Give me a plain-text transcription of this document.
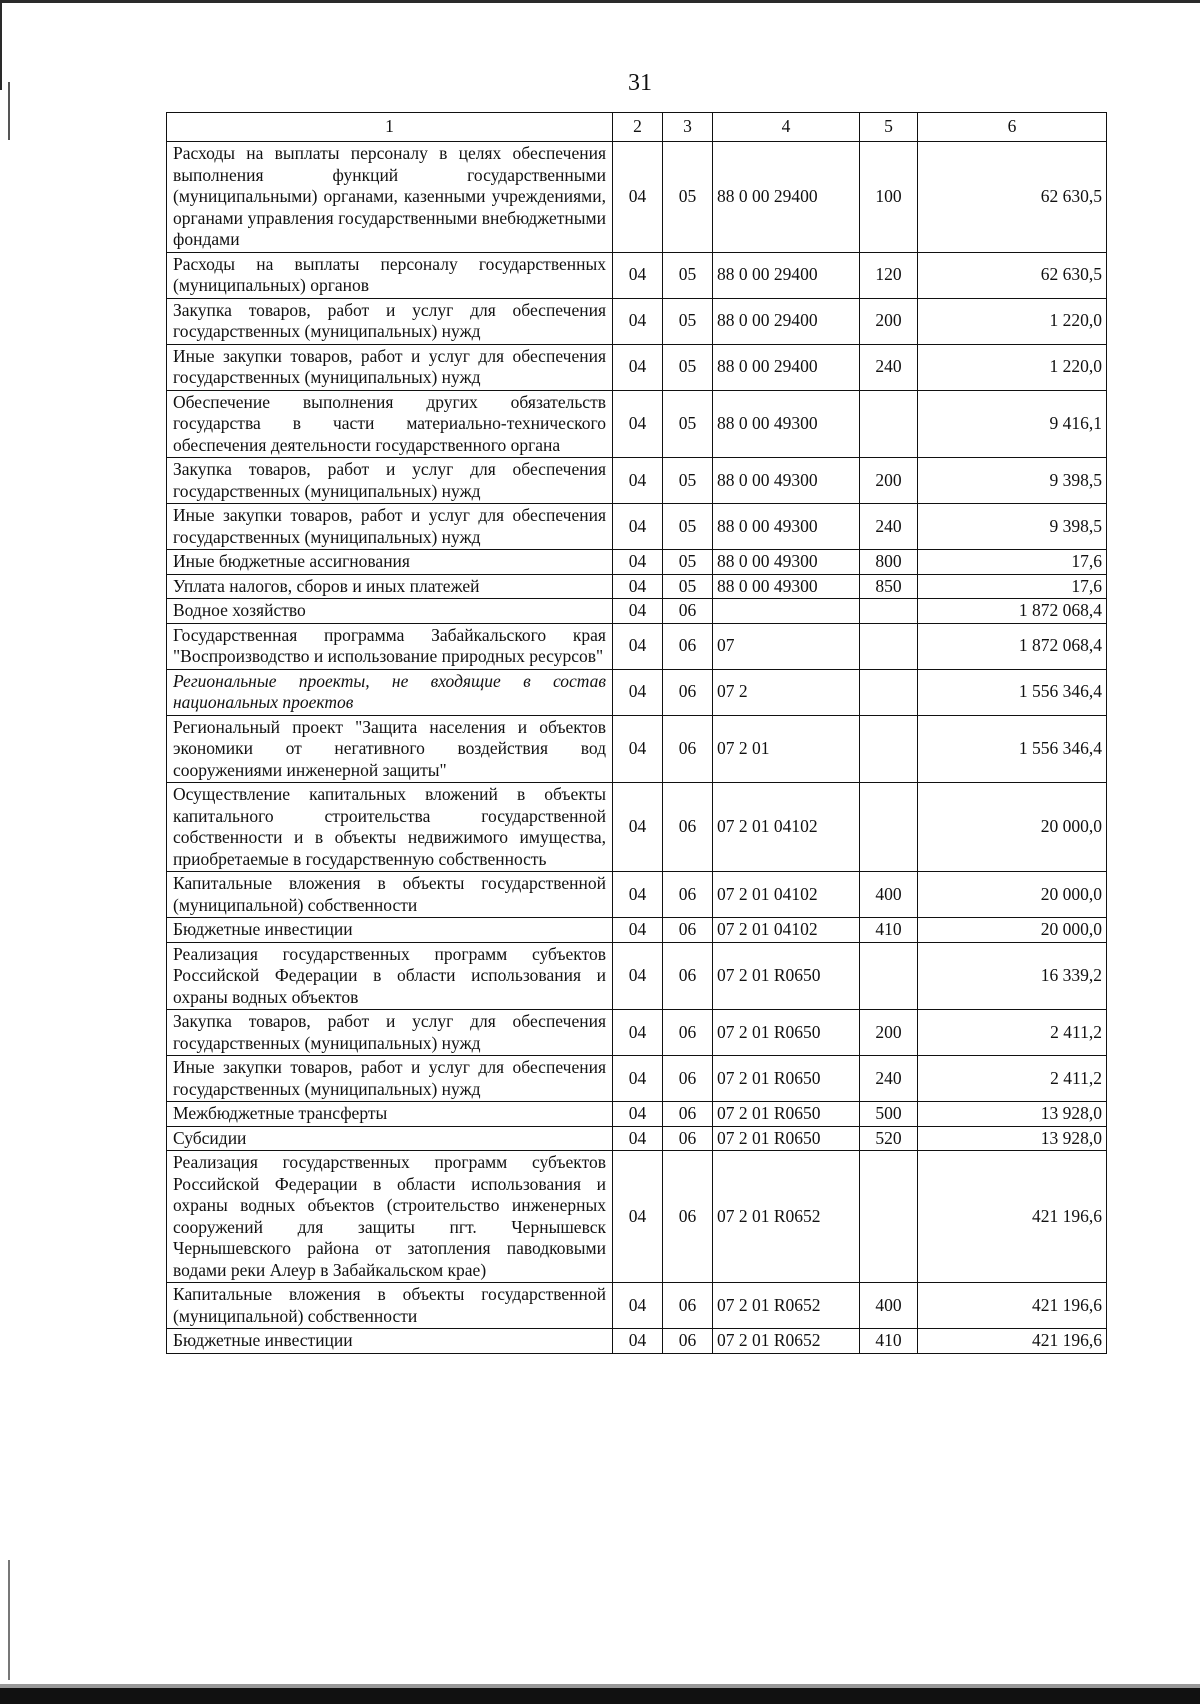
31
1	2	3	4	5	6
Расходы на выплаты персоналу в целях обеспечения выполнения функций государственными (муниципальными) органами, казенными учреждениями, органами управления государственными внебюджетными фондами	04	05	88 0 00 29400	100	62 630,5
Расходы на выплаты персоналу государственных (муниципальных) органов	04	05	88 0 00 29400	120	62 630,5
Закупка товаров, работ и услуг для обеспечения государственных (муниципальных) нужд	04	05	88 0 00 29400	200	1 220,0
Иные закупки товаров, работ и услуг для обеспечения государственных (муниципальных) нужд	04	05	88 0 00 29400	240	1 220,0
Обеспечение выполнения других обязательств государства в части материально-технического обеспечения деятельности государственного органа	04	05	88 0 00 49300		9 416,1
Закупка товаров, работ и услуг для обеспечения государственных (муниципальных) нужд	04	05	88 0 00 49300	200	9 398,5
Иные закупки товаров, работ и услуг для обеспечения государственных (муниципальных) нужд	04	05	88 0 00 49300	240	9 398,5
Иные бюджетные ассигнования	04	05	88 0 00 49300	800	17,6
Уплата налогов, сборов и иных платежей	04	05	88 0 00 49300	850	17,6
Водное хозяйство	04	06			1 872 068,4
Государственная программа Забайкальского края "Воспроизводство и использование природных ресурсов"	04	06	07		1 872 068,4
Региональные проекты, не входящие в состав национальных проектов	04	06	07 2		1 556 346,4
Региональный проект "Защита населения и объектов экономики от негативного воздействия вод сооружениями инженерной защиты"	04	06	07 2 01		1 556 346,4
Осуществление капитальных вложений в объекты капитального строительства государственной собственности и в объекты недвижимого имущества, приобретаемые в государственную собственность	04	06	07 2 01 04102		20 000,0
Капитальные вложения в объекты государственной (муниципальной) собственности	04	06	07 2 01 04102	400	20 000,0
Бюджетные инвестиции	04	06	07 2 01 04102	410	20 000,0
Реализация государственных программ субъектов Российской Федерации в области использования и охраны водных объектов	04	06	07 2 01 R0650		16 339,2
Закупка товаров, работ и услуг для обеспечения государственных (муниципальных) нужд	04	06	07 2 01 R0650	200	2 411,2
Иные закупки товаров, работ и услуг для обеспечения государственных (муниципальных) нужд	04	06	07 2 01 R0650	240	2 411,2
Межбюджетные трансферты	04	06	07 2 01 R0650	500	13 928,0
Субсидии	04	06	07 2 01 R0650	520	13 928,0
Реализация государственных программ субъектов Российской Федерации в области использования и охраны водных объектов (строительство инженерных сооружений для защиты пгт. Чернышевск Чернышевского района от затопления паводковыми водами реки Алеур в Забайкальском крае)	04	06	07 2 01 R0652		421 196,6
Капитальные вложения в объекты государственной (муниципальной) собственности	04	06	07 2 01 R0652	400	421 196,6
Бюджетные инвестиции	04	06	07 2 01 R0652	410	421 196,6
